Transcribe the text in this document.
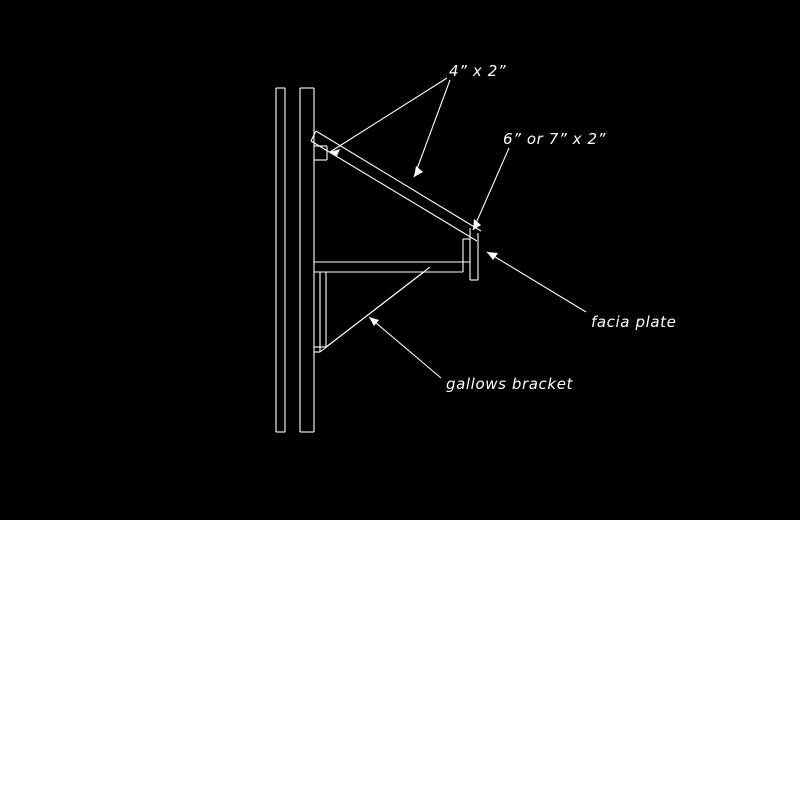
4” x 2”
6” or 7” x 2”
facia plate
gallows bracket
